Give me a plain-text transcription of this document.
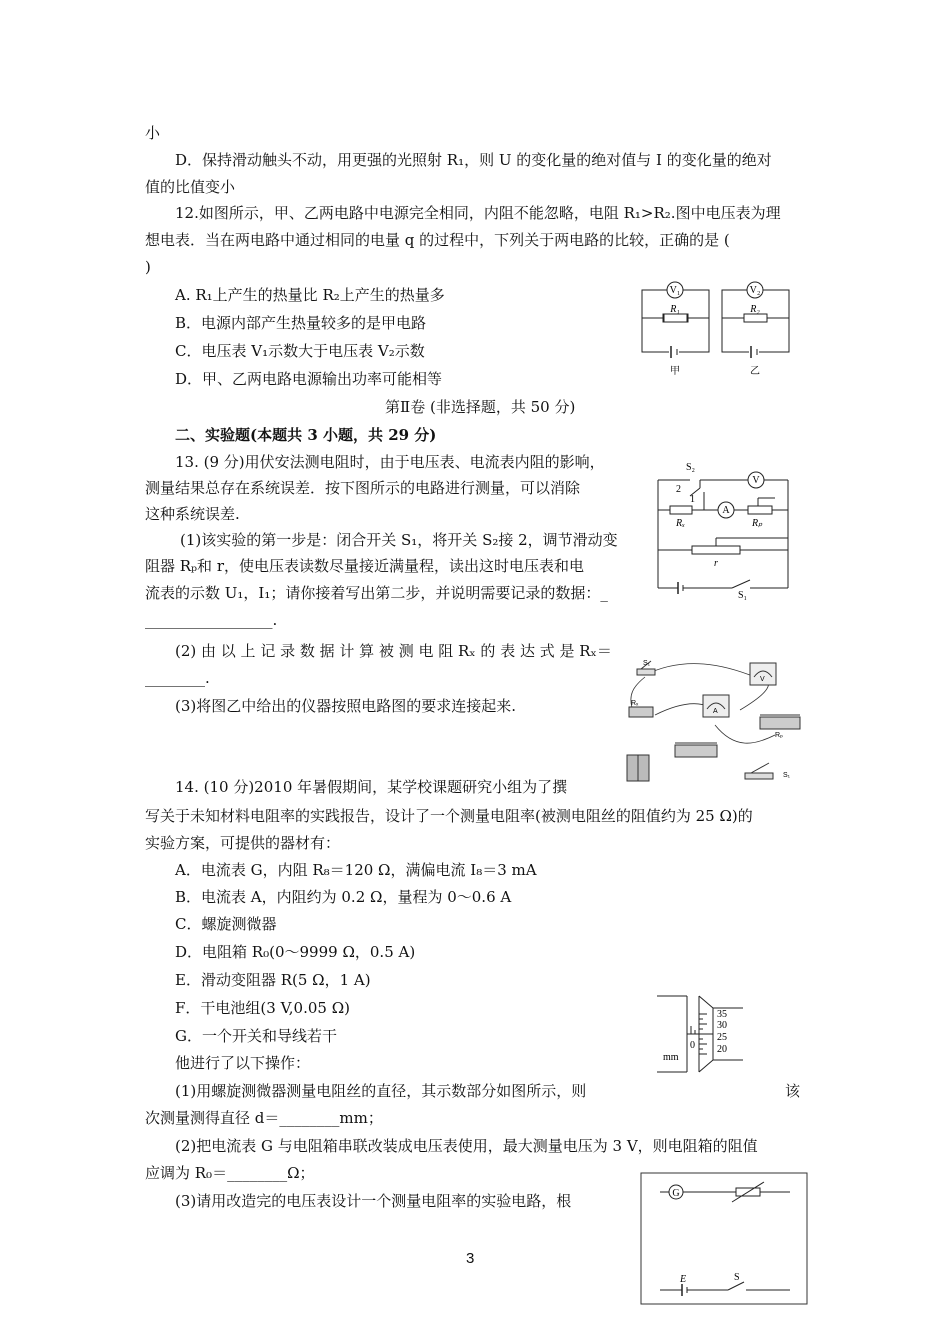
小
D．保持滑动触头不动，用更强的光照射 R₁，则 U 的变化量的绝对值与 I 的变化量的绝对
值的比值变小
12.如图所示，甲、乙两电路中电源完全相同，内阻不能忽略，电阻 R₁>R₂.图中电压表为理
想电表．当在两电路中通过相同的电量 q 的过程中，下列关于两电路的比较，正确的是 (
)
A. R₁上产生的热量比 R₂上产生的热量多
B．电源内部产生热量较多的是甲电路
C．电压表 V₁示数大于电压表 V₂示数
D．甲、乙两电路电源输出功率可能相等
第Ⅱ卷 (非选择题，共 50 分)
二、实验题(本题共 3 小题，共 29 分)
13. (9 分)用伏安法测电阻时，由于电压表、电流表内阻的影响，
测量结果总存在系统误差．按下图所示的电路进行测量，可以消除
这种系统误差.
(1)该实验的第一步是：闭合开关 S₁，将开关 S₂接 2，调节滑动变
阻器 Rₚ和 r，使电压表读数尽量接近满量程，读出这时电压表和电
流表的示数 U₁，I₁；请你接着写出第二步，并说明需要记录的数据：_
_________________.
(2) 由 以 上 记 录 数 据 计 算 被 测 电 阻 Rₓ 的 表 达 式 是 Rₓ＝
________.
(3)将图乙中给出的仪器按照电路图的要求连接起来.
14. (10 分)2010 年暑假期间，某学校课题研究小组为了撰
写关于未知材料电阻率的实践报告，设计了一个测量电阻率(被测电阻丝的阻值约为 25 Ω)的
实验方案，可提供的器材有：
A．电流表 G，内阻 R₈＝120 Ω，满偏电流 I₈＝3 mA
B．电流表 A，内阻约为 0.2 Ω，量程为 0～0.6 A
C．螺旋测微器
D．电阻箱 R₀(0～9999 Ω，0.5 A)
E．滑动变阻器 R(5 Ω，1 A)
F．干电池组(3 V,0.05 Ω)
G．一个开关和导线若干
他进行了以下操作：
(1)用螺旋测微器测量电阻丝的直径，其示数部分如图所示，则	该
次测量测得直径 d＝________mm；
(2)把电流表 G 与电阻箱串联改装成电压表使用，最大测量电压为 3 V，则电阻箱的阻值
应调为 R₀＝________Ω；
(3)请用改造完的电压表设计一个测量电阻率的实验电路，根
V₁
R₁
甲
V₂
R₂
乙
S₂
2
1
V
A
Rₓ	Rₚ
r
S₁
S₁
V
A
Rₓ
Rₚ
S₁
35
30
25
20
0
mm
G
E	S
3
